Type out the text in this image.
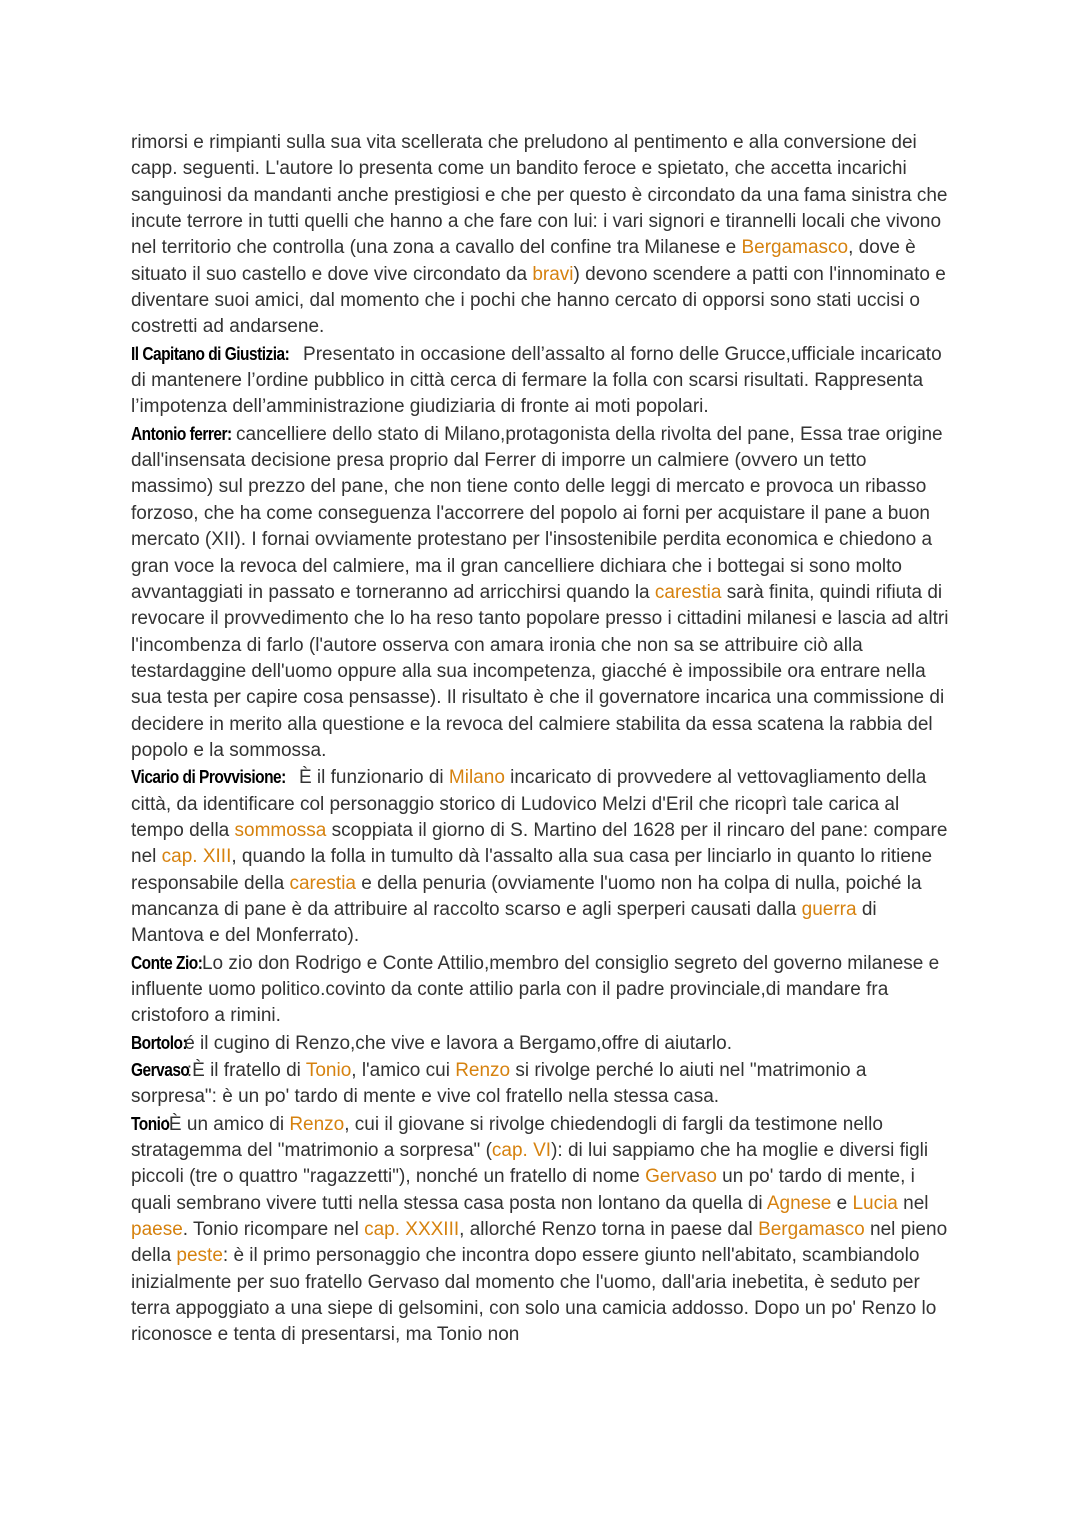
rimorsi e rimpianti sulla sua vita scellerata che preludono al pentimento e alla conversione dei capp. seguenti. L'autore lo presenta come un bandito feroce e spietato, che accetta incarichi sanguinosi da mandanti anche prestigiosi e che per questo è circondato da una fama sinistra che incute terrore in tutti quelli che hanno a che fare con lui: i vari signori e tirannelli locali che vivono nel territorio che controlla (una zona a cavallo del confine tra Milanese e Bergamasco, dove è situato il suo castello e dove vive circondato da bravi) devono scendere a patti con l'innominato e diventare suoi amici, dal momento che i pochi che hanno cercato di opporsi sono stati uccisi o costretti ad andarsene.

Il Capitano di Giustizia: Presentato in occasione dell’assalto al forno delle Grucce,ufficiale incaricato di mantenere l’ordine pubblico in città cerca di fermare la folla con scarsi risultati. Rappresenta l’impotenza dell’amministrazione giudiziaria di fronte ai moti popolari.

Antonio ferrer: cancelliere dello stato di Milano,protagonista della rivolta del pane, Essa trae origine dall'insensata decisione presa proprio dal Ferrer di imporre un calmiere (ovvero un tetto massimo) sul prezzo del pane, che non tiene conto delle leggi di mercato e provoca un ribasso forzoso, che ha come conseguenza l'accorrere del popolo ai forni per acquistare il pane a buon mercato (XII). I fornai ovviamente protestano per l'insostenibile perdita economica e chiedono a gran voce la revoca del calmiere, ma il gran cancelliere dichiara che i bottegai si sono molto avvantaggiati in passato e torneranno ad arricchirsi quando la carestia sarà finita, quindi rifiuta di revocare il provvedimento che lo ha reso tanto popolare presso i cittadini milanesi e lascia ad altri l'incombenza di farlo (l'autore osserva con amara ironia che non sa se attribuire ciò alla testardaggine dell'uomo oppure alla sua incompetenza, giacché è impossibile ora entrare nella sua testa per capire cosa pensasse). Il risultato è che il governatore incarica una commissione di decidere in merito alla questione e la revoca del calmiere stabilita da essa scatena la rabbia del popolo e la sommossa.

Vicario di Provvisione: È il funzionario di Milano incaricato di provvedere al vettovagliamento della città, da identificare col personaggio storico di Ludovico Melzi d'Eril che ricoprì tale carica al tempo della sommossa scoppiata il giorno di S. Martino del 1628 per il rincaro del pane: compare nel cap. XIII, quando la folla in tumulto dà l'assalto alla sua casa per linciarlo in quanto lo ritiene responsabile della carestia e della penuria (ovviamente l'uomo non ha colpa di nulla, poiché la mancanza di pane è da attribuire al raccolto scarso e agli sperperi causati dalla guerra di Mantova e del Monferrato).

Conte Zio:Lo zio don Rodrigo e Conte Attilio,membro del consiglio segreto del governo milanese e influente uomo politico.covinto da conte attilio parla con il padre provinciale,di mandare fra cristoforo a rimini.

Bortolo:é il cugino di Renzo,che vive e lavora a Bergamo,offre di aiutarlo.

Gervaso:È il fratello di Tonio, l'amico cui Renzo si rivolge perché lo aiuti nel "matrimonio a sorpresa": è un po' tardo di mente e vive col fratello nella stessa casa.

Tonio:È un amico di Renzo, cui il giovane si rivolge chiedendogli di fargli da testimone nello stratagemma del "matrimonio a sorpresa" (cap. VI): di lui sappiamo che ha moglie e diversi figli piccoli (tre o quattro "ragazzetti"), nonché un fratello di nome Gervaso un po' tardo di mente, i quali sembrano vivere tutti nella stessa casa posta non lontano da quella di Agnese e Lucia nel paese. Tonio ricompare nel cap. XXXIII, allorché Renzo torna in paese dal Bergamasco nel pieno della peste: è il primo personaggio che incontra dopo essere giunto nell'abitato, scambiandolo inizialmente per suo fratello Gervaso dal momento che l'uomo, dall'aria inebetita, è seduto per terra appoggiato a una siepe di gelsomini, con solo una camicia addosso. Dopo un po' Renzo lo riconosce e tenta di presentarsi, ma Tonio non
